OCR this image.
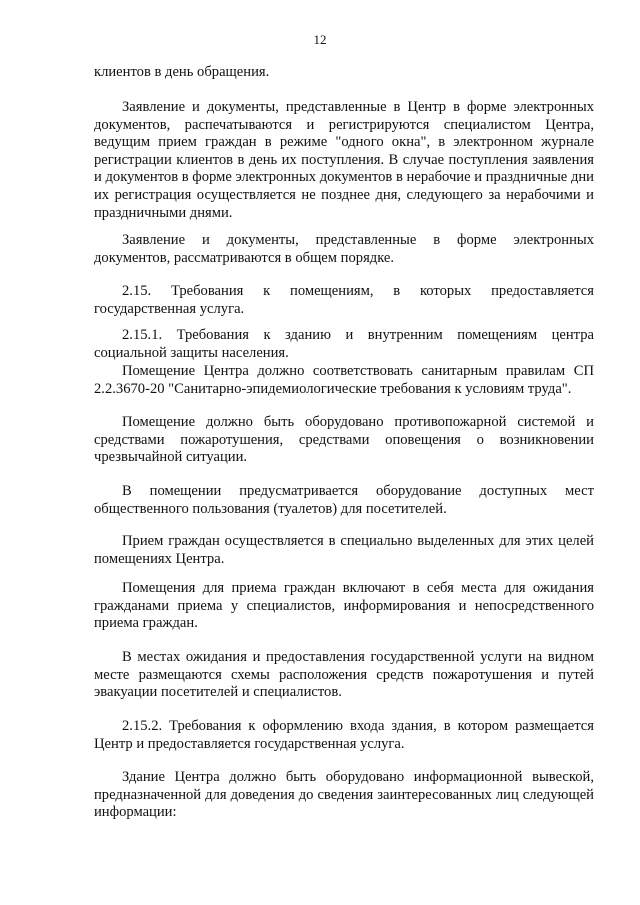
12

клиентов в день обращения.

Заявление и документы, представленные в Центр в форме электронных документов, распечатываются и регистрируются специалистом Центра, ведущим прием граждан в режиме "одного окна", в электронном журнале регистрации клиентов в день их поступления. В случае поступления заявления и документов в форме электронных документов в нерабочие и праздничные дни их регистрация осуществляется не позднее дня, следующего за нерабочими и праздничными днями.

Заявление и документы, представленные в форме электронных документов, рассматриваются в общем порядке.

2.15. Требования к помещениям, в которых предоставляется государственная услуга.

2.15.1. Требования к зданию и внутренним помещениям центра социальной защиты населения.

Помещение Центра должно соответствовать санитарным правилам СП 2.2.3670-20 "Санитарно-эпидемиологические требования к условиям труда".

Помещение должно быть оборудовано противопожарной системой и средствами пожаротушения, средствами оповещения о возникновении чрезвычайной ситуации.

В помещении предусматривается оборудование доступных мест общественного пользования (туалетов) для посетителей.

Прием граждан осуществляется в специально выделенных для этих целей помещениях Центра.

Помещения для приема граждан включают в себя места для ожидания гражданами приема у специалистов, информирования и непосредственного приема граждан.

В местах ожидания и предоставления государственной услуги на видном месте размещаются схемы расположения средств пожаротушения и путей эвакуации посетителей и специалистов.

2.15.2. Требования к оформлению входа здания, в котором размещается Центр и предоставляется государственная услуга.

Здание Центра должно быть оборудовано информационной вывеской, предназначенной для доведения до сведения заинтересованных лиц следующей информации:
